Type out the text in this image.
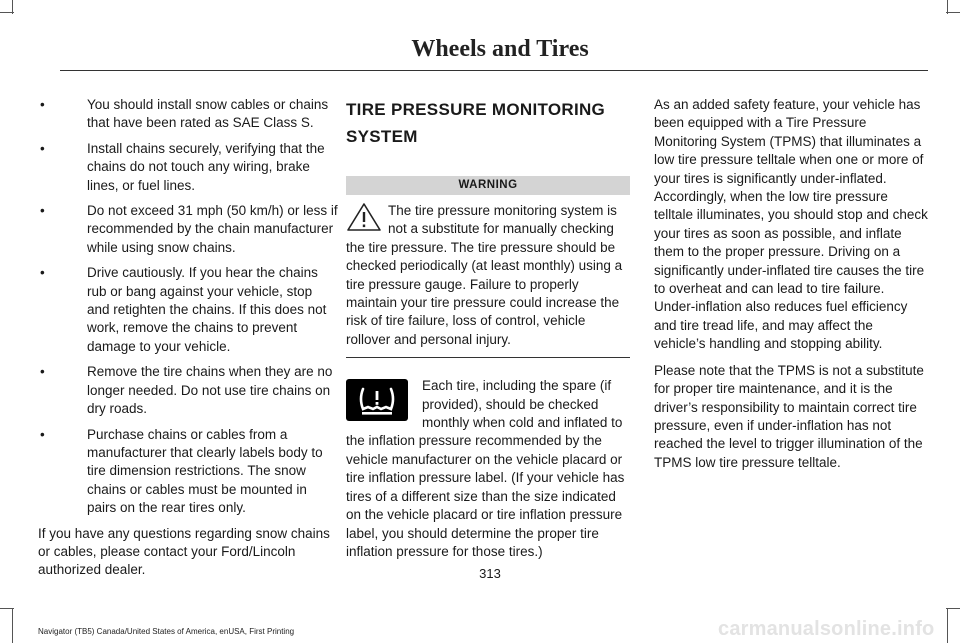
Wheels and Tires
•	You should install snow cables or chains that have been rated as SAE Class S.
•	Install chains securely, verifying that the chains do not touch any wiring, brake lines, or fuel lines.
•	Do not exceed 31 mph (50 km/h) or less if recommended by the chain manufacturer while using snow chains.
•	Drive cautiously. If you hear the chains rub or bang against your vehicle, stop and retighten the chains. If this does not work, remove the chains to prevent damage to your vehicle.
•	Remove the tire chains when they are no longer needed. Do not use tire chains on dry roads.
•	Purchase chains or cables from a manufacturer that clearly labels body to tire dimension restrictions. The snow chains or cables must be mounted in pairs on the rear tires only.

If you have any questions regarding snow chains or cables, please contact your Ford/Lincoln authorized dealer.

TIRE PRESSURE MONITORING
SYSTEM
WARNING
The tire pressure monitoring system is not a substitute for manually checking the tire pressure. The tire pressure should be checked periodically (at least monthly) using a tire pressure gauge. Failure to properly maintain your tire pressure could increase the risk of tire failure, loss of control, vehicle rollover and personal injury.
Each tire, including the spare (if provided), should be checked monthly when cold and inflated to the inflation pressure recommended by the vehicle manufacturer on the vehicle placard or tire inflation pressure label. (If your vehicle has tires of a different size than the size indicated on the vehicle placard or tire inflation pressure label, you should determine the proper tire inflation pressure for those tires.)

As an added safety feature, your vehicle has been equipped with a Tire Pressure Monitoring System (TPMS) that illuminates a low tire pressure telltale when one or more of your tires is significantly under-inflated. Accordingly, when the low tire pressure telltale illuminates, you should stop and check your tires as soon as possible, and inflate them to the proper pressure. Driving on a significantly under-inflated tire causes the tire to overheat and can lead to tire failure. Under-inflation also reduces fuel efficiency and tire tread life, and may affect the vehicle’s handling and stopping ability.

Please note that the TPMS is not a substitute for proper tire maintenance, and it is the driver’s responsibility to maintain correct tire pressure, even if under-inflation has not reached the level to trigger illumination of the TPMS low tire pressure telltale.

313
Navigator (TB5) Canada/United States of America, enUSA, First Printing	carmanualsonline.info
